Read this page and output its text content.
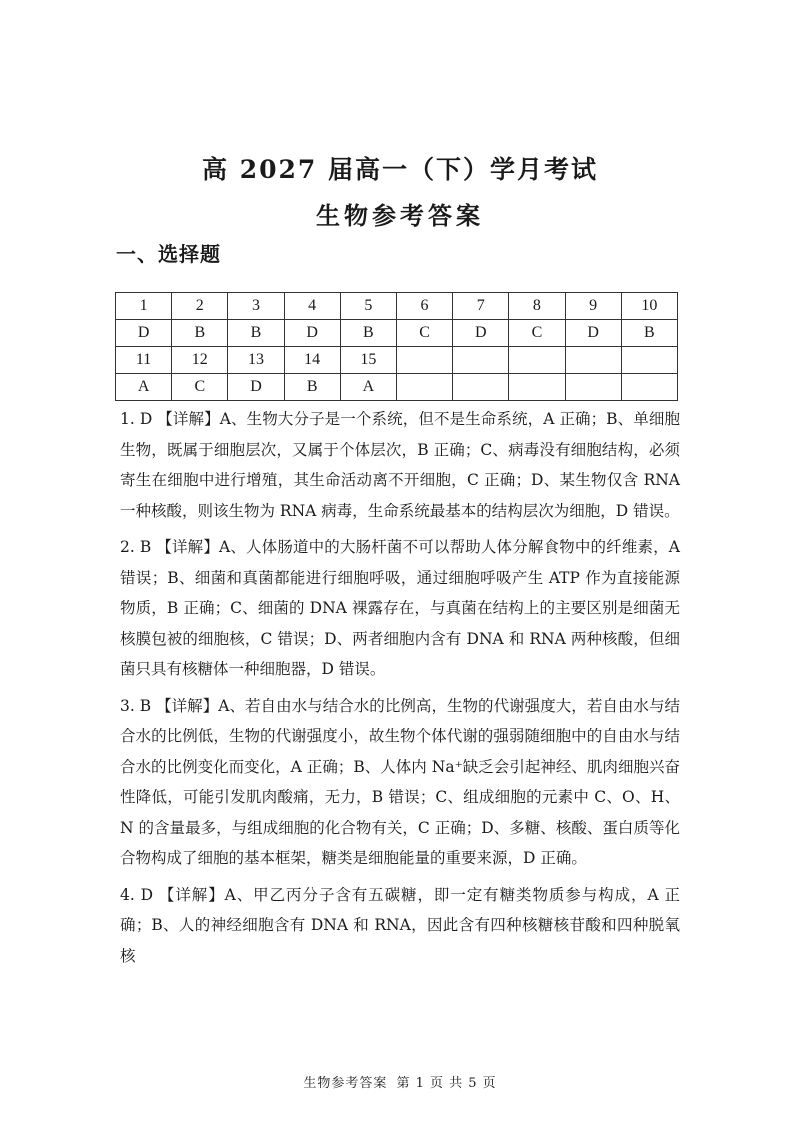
高 2027 届高一（下）学月考试
生物参考答案
一、选择题
1	2	3	4	5	6	7	8	9	10
D	B	B	D	B	C	D	C	D	B
11	12	13	14	15					
A	C	D	B	A					

1. D 【详解】A、生物大分子是一个系统，但不是生命系统，A 正确；B、单细胞生物，既属于细胞层次，又属于个体层次，B 正确；C、病毒没有细胞结构，必须寄生在细胞中进行增殖，其生命活动离不开细胞，C 正确；D、某生物仅含 RNA 一种核酸，则该生物为 RNA 病毒，生命系统最基本的结构层次为细胞，D 错误。

2. B 【详解】A、人体肠道中的大肠杆菌不可以帮助人体分解食物中的纤维素，A 错误；B、细菌和真菌都能进行细胞呼吸，通过细胞呼吸产生 ATP 作为直接能源物质，B 正确；C、细菌的 DNA 裸露存在，与真菌在结构上的主要区别是细菌无核膜包被的细胞核，C 错误；D、两者细胞内含有 DNA 和 RNA 两种核酸，但细菌只具有核糖体一种细胞器，D 错误。

3. B 【详解】A、若自由水与结合水的比例高，生物的代谢强度大，若自由水与结合水的比例低，生物的代谢强度小，故生物个体代谢的强弱随细胞中的自由水与结合水的比例变化而变化，A 正确；B、人体内 Na⁺缺乏会引起神经、肌肉细胞兴奋性降低，可能引发肌肉酸痛，无力，B 错误；C、组成细胞的元素中 C、O、H、N 的含量最多，与组成细胞的化合物有关，C 正确；D、多糖、核酸、蛋白质等化合物构成了细胞的基本框架，糖类是细胞能量的重要来源，D 正确。

4. D 【详解】A、甲乙丙分子含有五碳糖，即一定有糖类物质参与构成，A 正确；B、人的神经细胞含有 DNA 和 RNA，因此含有四种核糖核苷酸和四种脱氧核

生物参考答案 第 1 页 共 5 页
